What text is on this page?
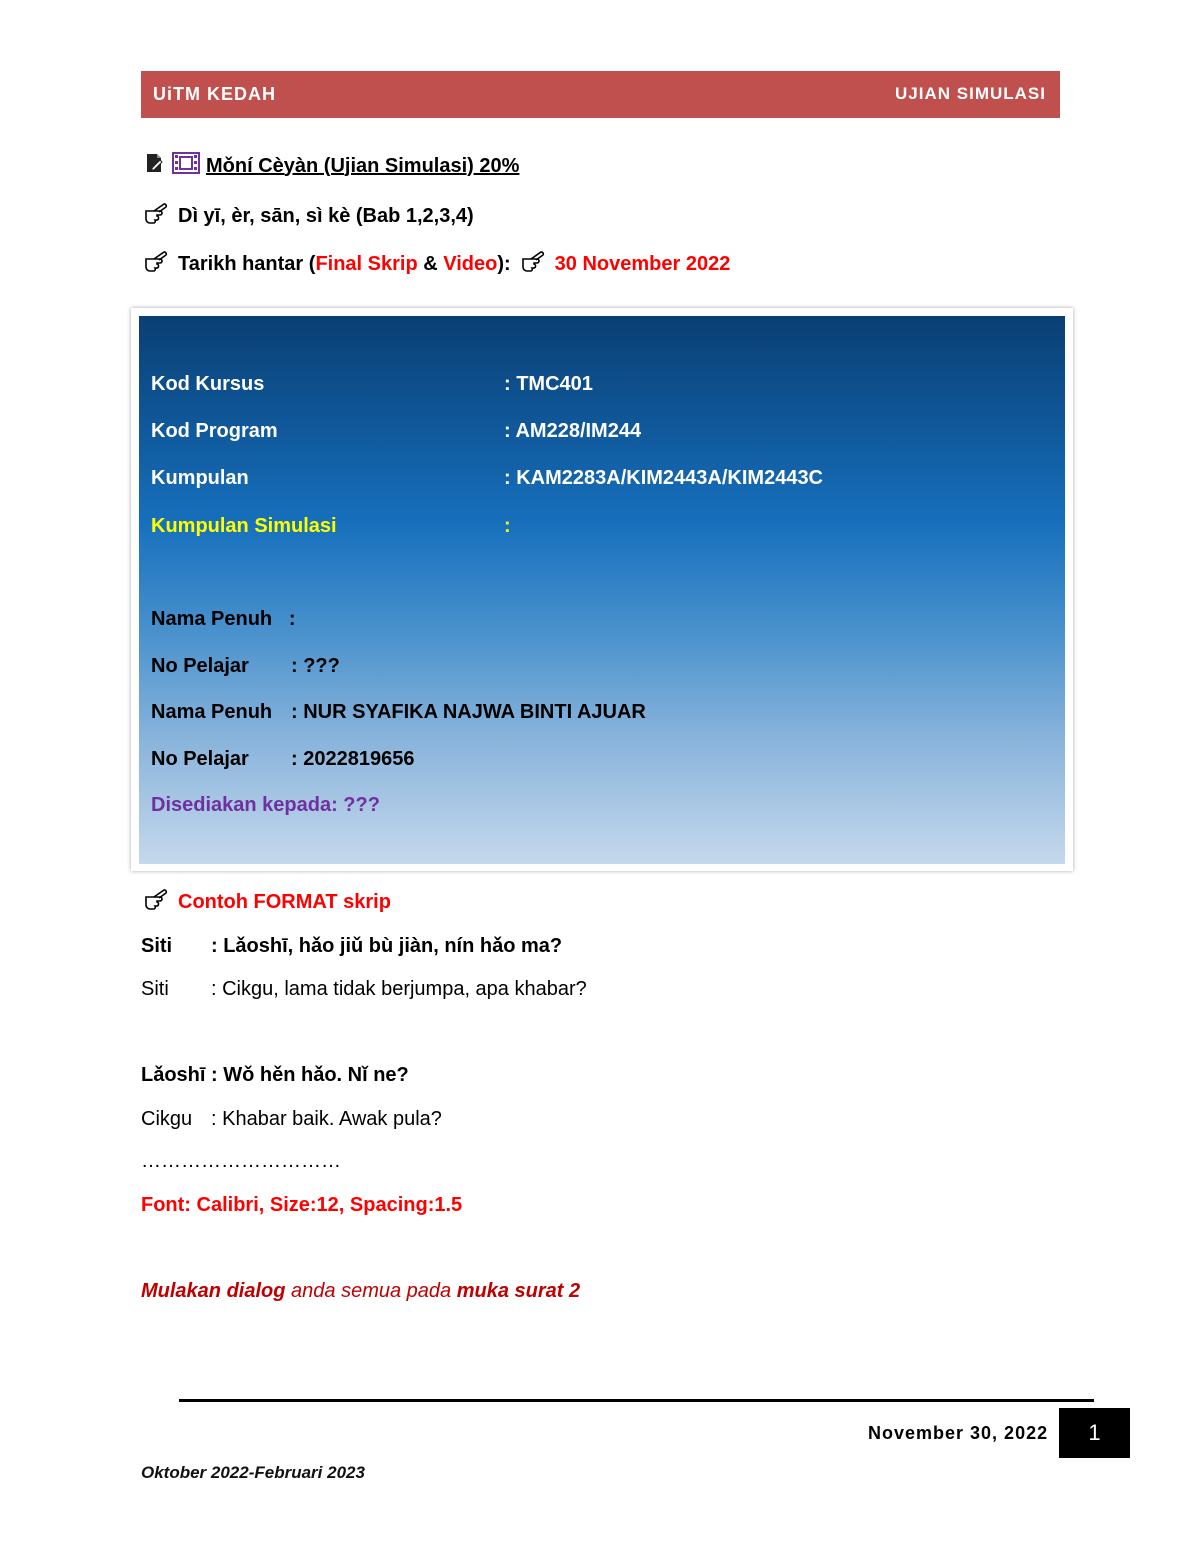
UiTM KEDAH	UJIAN SIMULASI
Mǒní Cèyàn (Ujian Simulasi) 20%
Dì yī, èr, sān, sì kè (Bab 1,2,3,4)
Tarikh hantar ( Final Skrip & Video ): 30 November 2022
Kod Kursus	: TMC401
Kod Program	: AM228/IM244
Kumpulan	: KAM2283A/KIM2443A/KIM2443C
Kumpulan Simulasi	:
Nama Penuh   :
No Pelajar : ???
Nama Penuh : NUR SYAFIKA NAJWA BINTI AJUAR
No Pelajar : 2022819656
Disediakan kepada: ???
Contoh FORMAT skrip
Siti : Lǎoshī, hǎo jiǔ bù jiàn, nín hǎo ma?
Siti : Cikgu, lama tidak berjumpa, apa khabar?
Lǎoshī : Wǒ hěn hǎo. Nǐ ne?
Cikgu : Khabar baik. Awak pula?
…………………………
Font: Calibri, Size:12, Spacing:1.5
Mulakan dialog anda semua pada muka surat 2
November 30, 2022	1
Oktober 2022-Februari 2023
